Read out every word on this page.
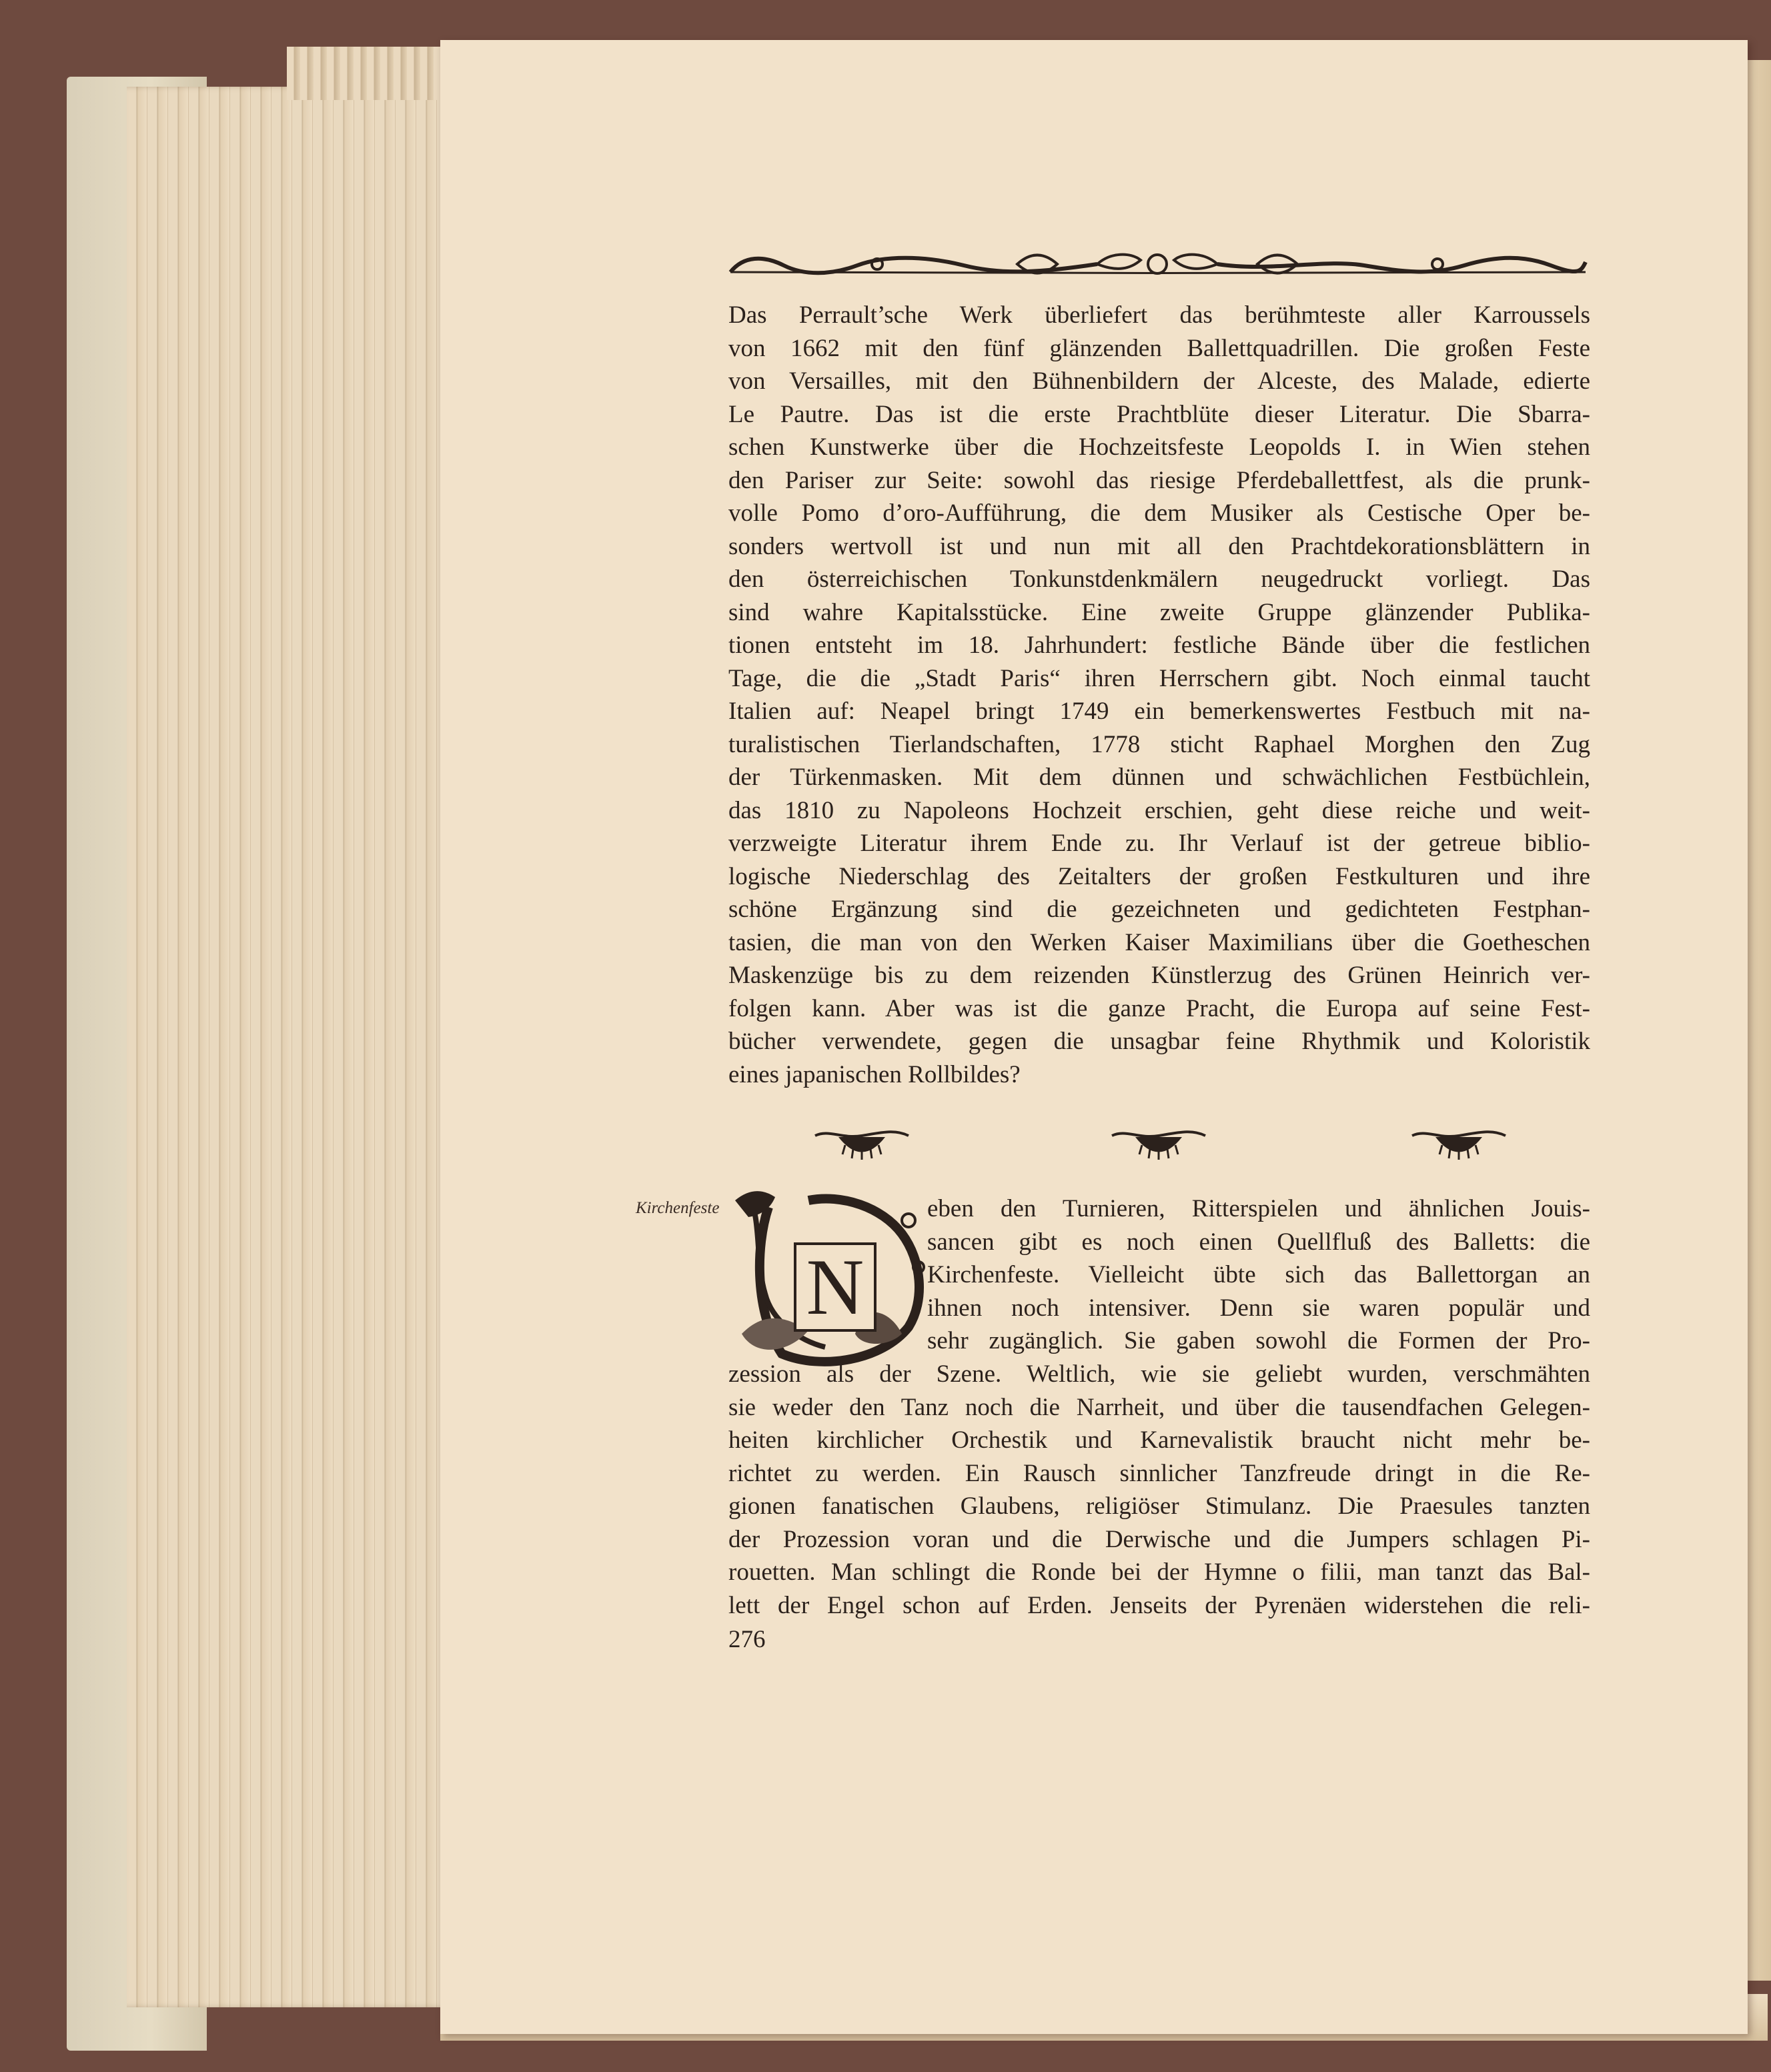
Das Perrault’sche Werk überliefert das berühmteste aller Karroussels
von 1662 mit den fünf glänzenden Ballettquadrillen. Die großen Feste
von Versailles, mit den Bühnenbildern der Alceste, des Malade, edierte
Le Pautre. Das ist die erste Prachtblüte dieser Literatur. Die Sbarra-
schen Kunstwerke über die Hochzeitsfeste Leopolds I. in Wien stehen
den Pariser zur Seite: sowohl das riesige Pferdeballettfest, als die prunk-
volle Pomo d’oro-Aufführung, die dem Musiker als Cestische Oper be-
sonders wertvoll ist und nun mit all den Prachtdekorationsblättern in
den österreichischen Tonkunstdenkmälern neugedruckt vorliegt. Das
sind wahre Kapitalsstücke. Eine zweite Gruppe glänzender Publika-
tionen entsteht im 18. Jahrhundert: festliche Bände über die festlichen
Tage, die die „Stadt Paris“ ihren Herrschern gibt. Noch einmal taucht
Italien auf: Neapel bringt 1749 ein bemerkenswertes Festbuch mit na-
turalistischen Tierlandschaften, 1778 sticht Raphael Morghen den Zug
der Türkenmasken. Mit dem dünnen und schwächlichen Festbüchlein,
das 1810 zu Napoleons Hochzeit erschien, geht diese reiche und weit-
verzweigte Literatur ihrem Ende zu. Ihr Verlauf ist der getreue biblio-
logische Niederschlag des Zeitalters der großen Festkulturen und ihre
schöne Ergänzung sind die gezeichneten und gedichteten Festphan-
tasien, die man von den Werken Kaiser Maximilians über die Goetheschen
Maskenzüge bis zu dem reizenden Künstlerzug des Grünen Heinrich ver-
folgen kann. Aber was ist die ganze Pracht, die Europa auf seine Fest-
bücher verwendete, gegen die unsagbar feine Rhythmik und Koloristik
eines japanischen Rollbildes?
Kirchenfeste
N
eben den Turnieren, Ritterspielen und ähnlichen Jouis-
sancen gibt es noch einen Quellfluß des Balletts: die
Kirchenfeste. Vielleicht übte sich das Ballettorgan an
ihnen noch intensiver. Denn sie waren populär und
sehr zugänglich. Sie gaben sowohl die Formen der Pro-
zession als der Szene. Weltlich, wie sie geliebt wurden, verschmähten
sie weder den Tanz noch die Narrheit, und über die tausendfachen Gelegen-
heiten kirchlicher Orchestik und Karnevalistik braucht nicht mehr be-
richtet zu werden. Ein Rausch sinnlicher Tanzfreude dringt in die Re-
gionen fanatischen Glaubens, religiöser Stimulanz. Die Praesules tanzten
der Prozession voran und die Derwische und die Jumpers schlagen Pi-
rouetten. Man schlingt die Ronde bei der Hymne o filii, man tanzt das Bal-
lett der Engel schon auf Erden. Jenseits der Pyrenäen widerstehen die reli-
276
